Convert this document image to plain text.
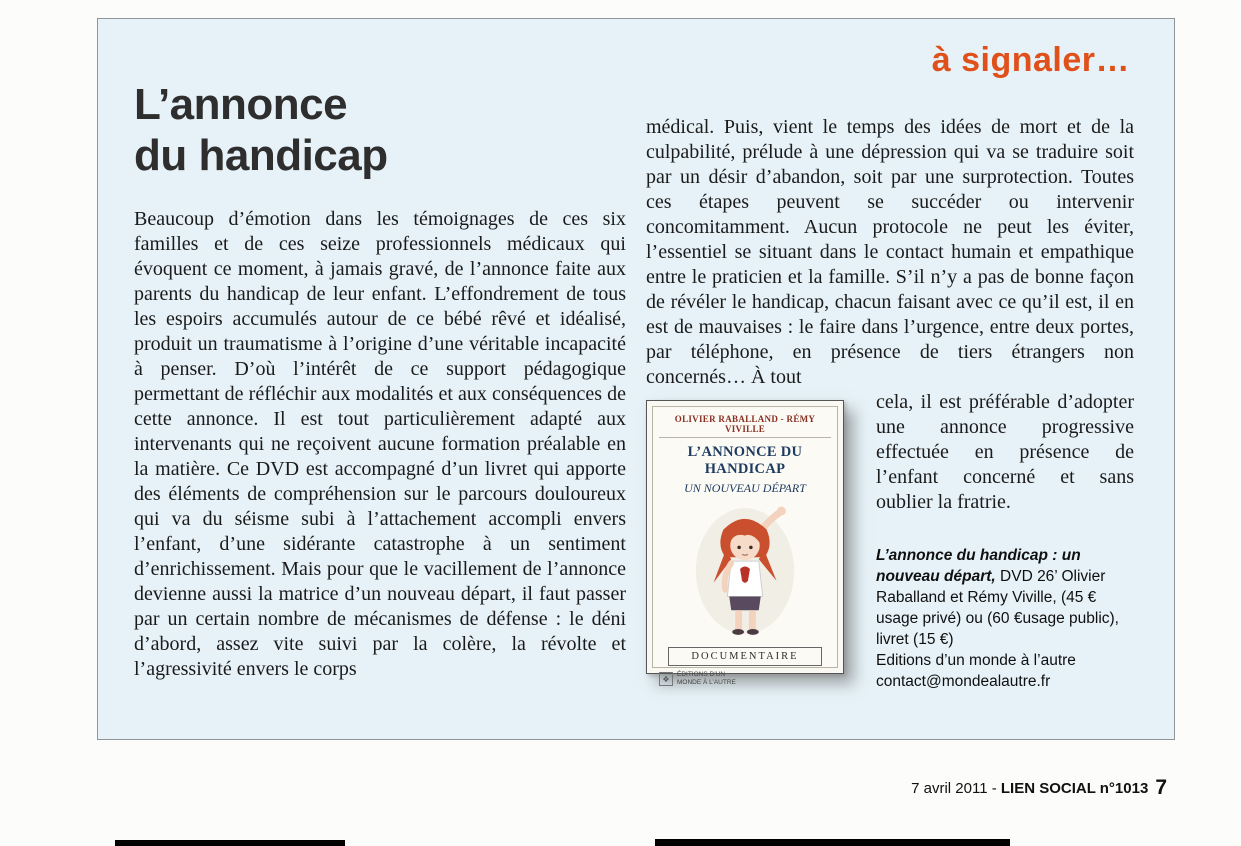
à signaler…
L’annonce
du handicap

Beaucoup d’émotion dans les témoignages de ces six familles et de ces seize professionnels médicaux qui évoquent ce moment, à jamais gravé, de l’annonce faite aux parents du handicap de leur enfant. L’effondrement de tous les espoirs accumulés autour de ce bébé rêvé et idéalisé, produit un traumatisme à l’origine d’une véritable incapacité à penser. D’où l’intérêt de ce support pédagogique permettant de réfléchir aux modalités et aux conséquences de cette annonce. Il est tout particulièrement adapté aux intervenants qui ne reçoivent aucune formation préalable en la matière. Ce DVD est accompagné d’un livret qui apporte des éléments de compréhension sur le parcours douloureux qui va du séisme subi à l’attachement accompli envers l’enfant, d’une sidérante catastrophe à un sentiment d’enrichissement. Mais pour que le vacillement de l’annonce devienne aussi la matrice d’un nouveau départ, il faut passer par un certain nombre de mécanismes de défense : le déni d’abord, assez vite suivi par la colère, la révolte et l’agressivité envers le corps

médical. Puis, vient le temps des idées de mort et de la culpabilité, prélude à une dépression qui va se traduire soit par un désir d’abandon, soit par une surprotection. Toutes ces étapes peuvent se succéder ou intervenir concomitamment. Aucun protocole ne peut les éviter, l’essentiel se situant dans le contact humain et empathique entre le praticien et la famille. S’il n’y a pas de bonne façon de révéler le handicap, chacun faisant avec ce qu’il est, il en est de mauvaises : le faire dans l’urgence, entre deux portes, par téléphone, en présence de tiers étrangers non concernés… À tout

OLIVIER RABALLAND - RÉMY VIVILLE
L’ANNONCE DU HANDICAP
UN NOUVEAU DÉPART
DOCUMENTAIRE
❖
ÉDITIONS D’UN MONDE À L’AUTRE

cela, il est préférable d’adopter une annonce progressive effectuée en présence de l’enfant concerné et sans oublier la fratrie.

L’annonce du handicap : un nouveau départ, DVD 26’ Olivier Raballand et Rémy Viville, (45 € usage privé) ou (60 €usage public), livret (15 €)
Editions d’un monde à l’autre
contact@mondealautre.fr

7 avril 2011 - LIEN SOCIAL n°1013 7
